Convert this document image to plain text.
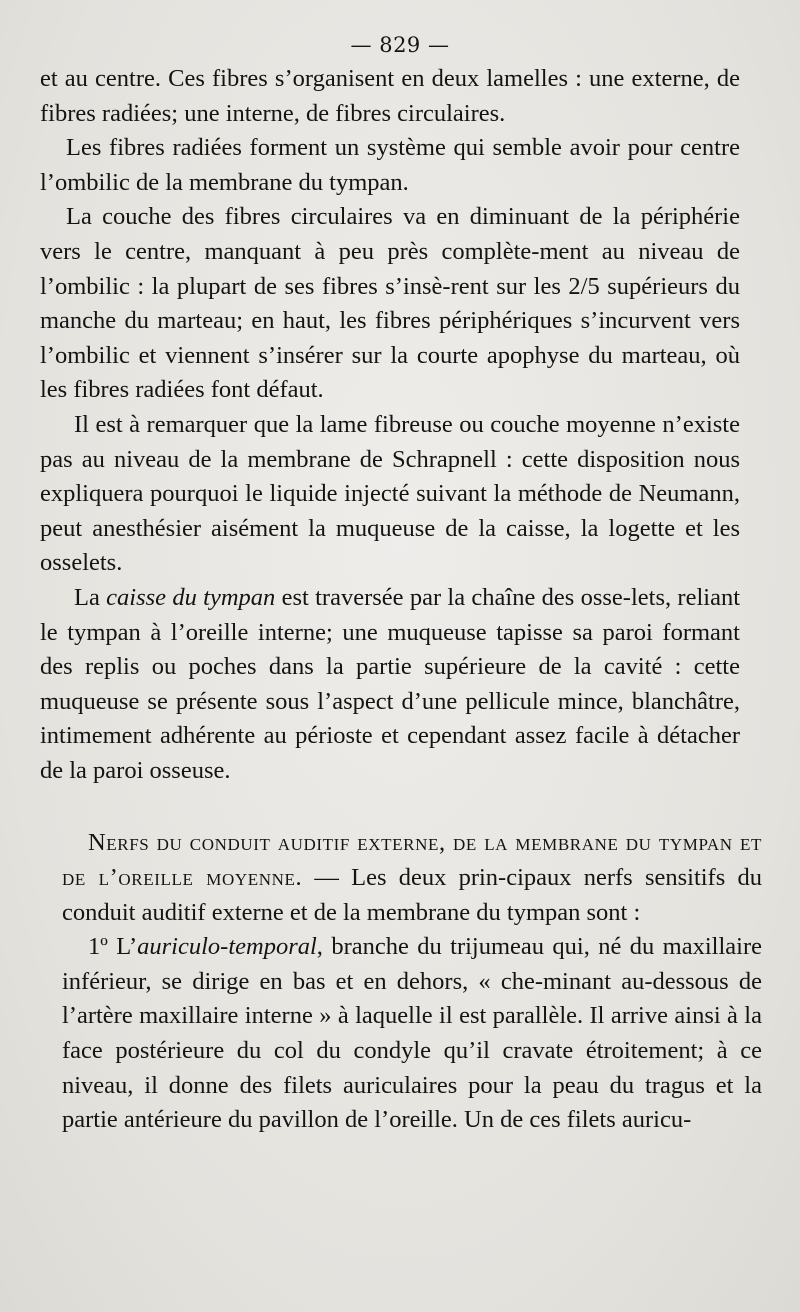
— 829 —

et au centre. Ces fibres s’organisent en deux lamelles : une externe, de fibres radiées; une interne, de fibres circulaires.

Les fibres radiées forment un système qui semble avoir pour centre l’ombilic de la membrane du tympan.

La couche des fibres circulaires va en diminuant de la périphérie vers le centre, manquant à peu près complète-ment au niveau de l’ombilic : la plupart de ses fibres s’insè-rent sur les 2/5 supérieurs du manche du marteau; en haut, les fibres périphériques s’incurvent vers l’ombilic et viennent s’insérer sur la courte apophyse du marteau, où les fibres radiées font défaut.

Il est à remarquer que la lame fibreuse ou couche moyenne n’existe pas au niveau de la membrane de Schrapnell : cette disposition nous expliquera pourquoi le liquide injecté suivant la méthode de Neumann, peut anesthésier aisément la muqueuse de la caisse, la logette et les osselets.

La caisse du tympan est traversée par la chaîne des osse-lets, reliant le tympan à l’oreille interne; une muqueuse tapisse sa paroi formant des replis ou poches dans la partie supérieure de la cavité : cette muqueuse se présente sous l’aspect d’une pellicule mince, blanchâtre, intimement adhérente au périoste et cependant assez facile à détacher de la paroi osseuse.

Nerfs du conduit auditif externe, de la membrane du tympan et de l’oreille moyenne. — Les deux prin-cipaux nerfs sensitifs du conduit auditif externe et de la membrane du tympan sont :

1º L’auriculo-temporal, branche du trijumeau qui, né du maxillaire inférieur, se dirige en bas et en dehors, « che-minant au-dessous de l’artère maxillaire interne » à laquelle il est parallèle. Il arrive ainsi à la face postérieure du col du condyle qu’il cravate étroitement; à ce niveau, il donne des filets auriculaires pour la peau du tragus et la partie antérieure du pavillon de l’oreille. Un de ces filets auricu-
